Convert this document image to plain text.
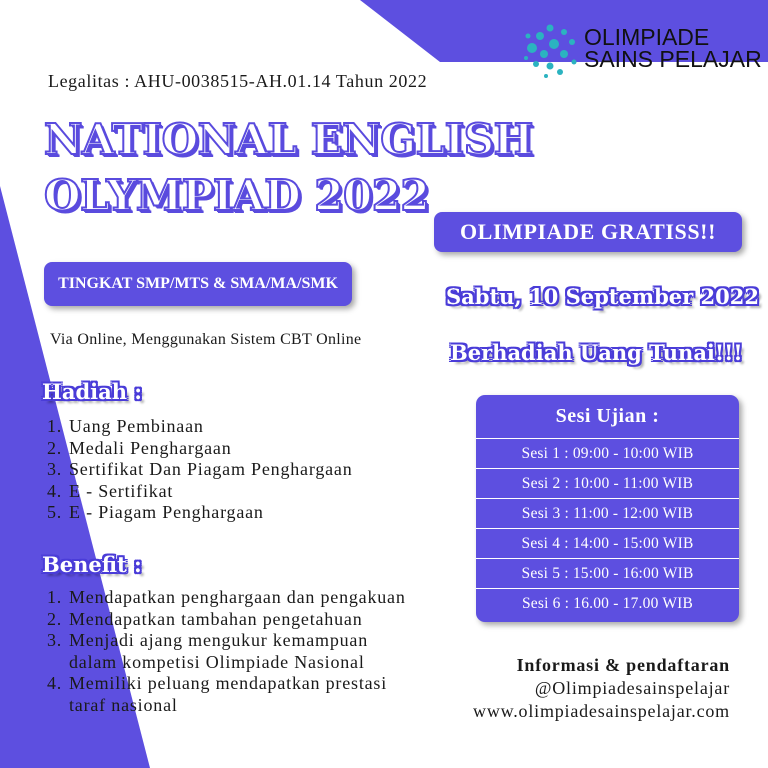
OLIMPIADE
SAINS PELAJAR
Legalitas : AHU-0038515-AH.01.14 Tahun 2022
NATIONAL ENGLISH
OLYMPIAD 2022
OLIMPIADE GRATISS!!
TINGKAT SMP/MTS & SMA/MA/SMK
Sabtu, 10 September 2022
Berhadiah Uang Tunai!!!
Via Online, Menggunakan Sistem CBT Online
Hadiah :
1. Uang Pembinaan
2. Medali Penghargaan
3. Sertifikat Dan Piagam Penghargaan
4. E - Sertifikat
5. E - Piagam Penghargaan
Benefit :
1. Mendapatkan penghargaan dan pengakuan
2. Mendapatkan tambahan pengetahuan
3. Menjadi ajang mengukur kemampuan
dalam kompetisi Olimpiade Nasional
4. Memiliki peluang mendapatkan prestasi
taraf nasional
Sesi Ujian :
Sesi 1 : 09:00 - 10:00 WIB
Sesi 2 : 10:00 - 11:00 WIB
Sesi 3 : 11:00 - 12:00 WIB
Sesi 4 : 14:00 - 15:00 WIB
Sesi 5 : 15:00 - 16:00 WIB
Sesi 6 : 16.00 - 17.00 WIB
Informasi & pendaftaran
@Olimpiadesainspelajar
www.olimpiadesainspelajar.com
